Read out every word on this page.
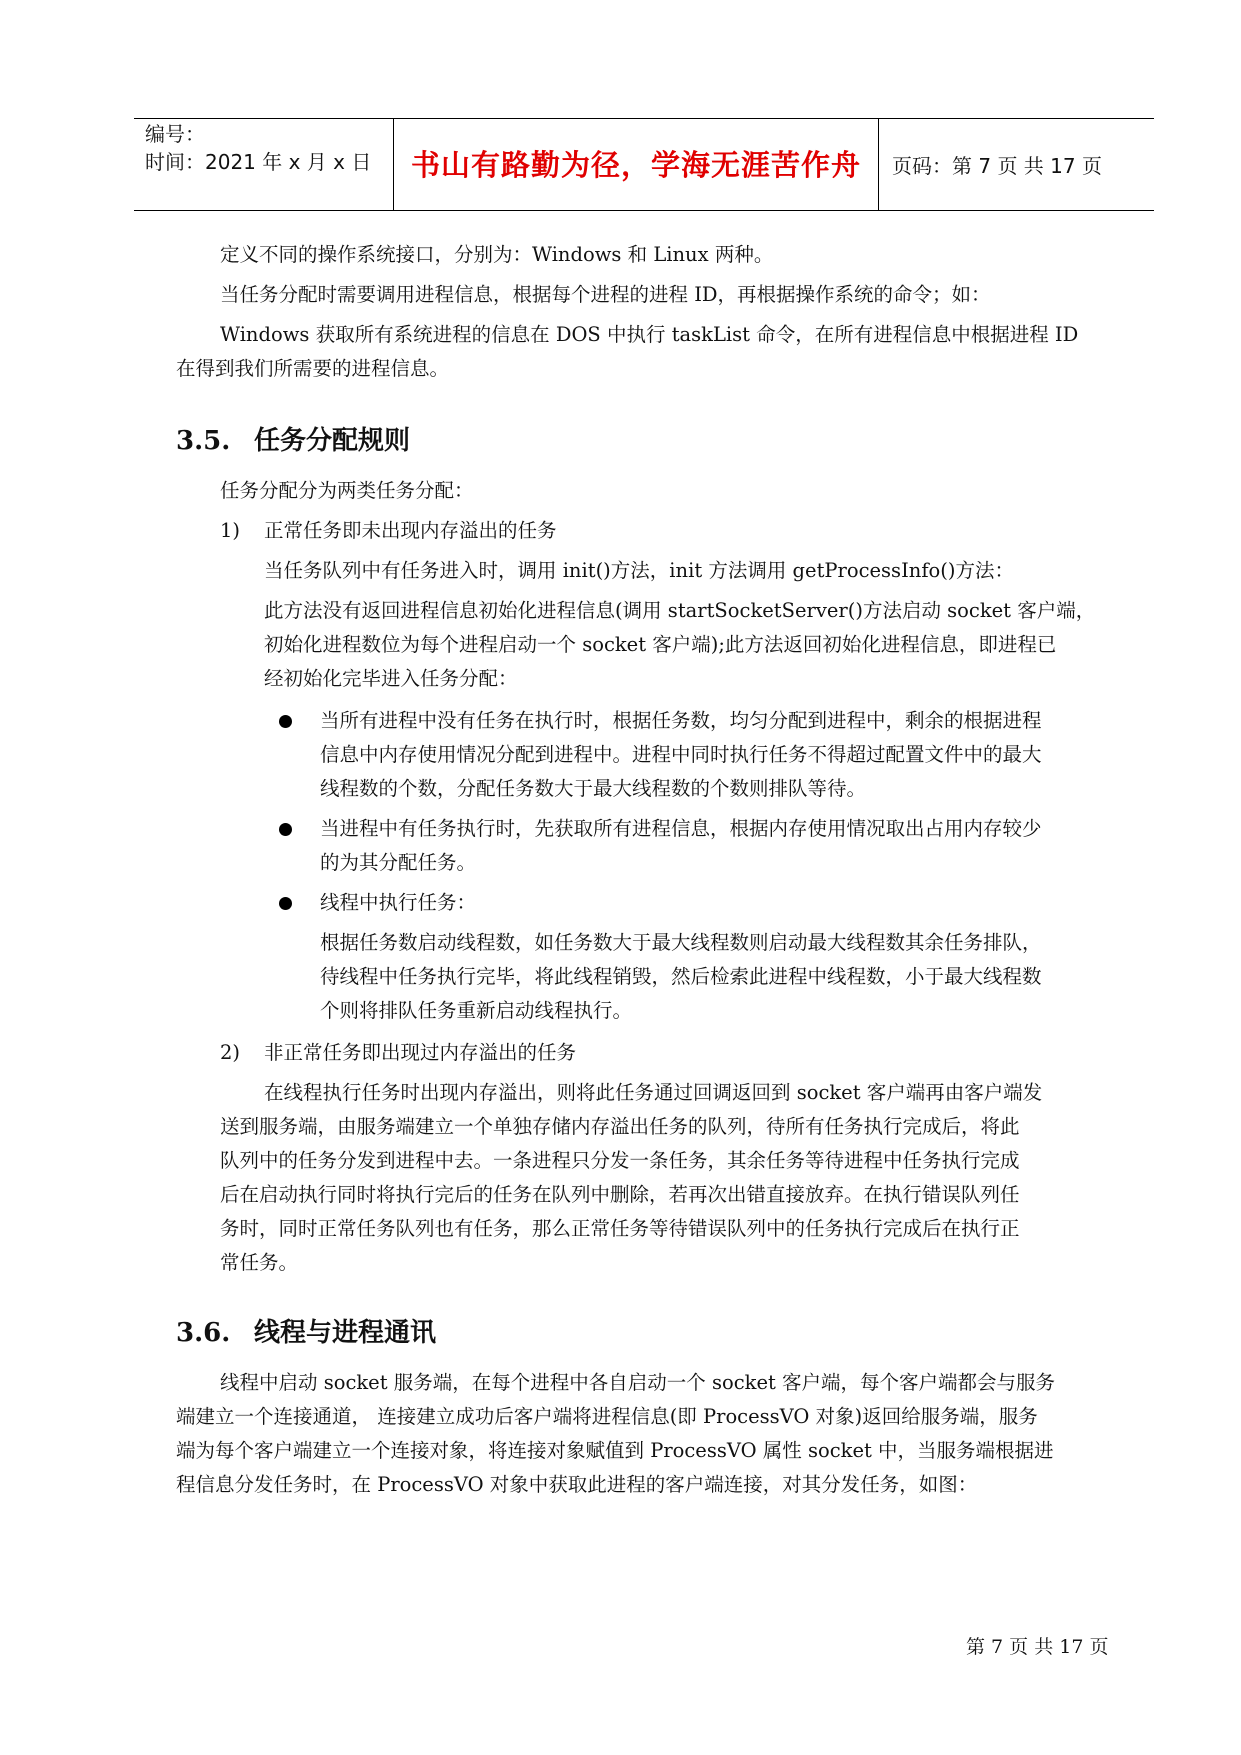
编号：
时间：2021 年 x 月 x 日	书山有路勤为径，学海无涯苦作舟	页码：第 7 页 共 17 页
定义不同的操作系统接口，分别为：Windows 和 Linux 两种。
当任务分配时需要调用进程信息，根据每个进程的进程 ID，再根据操作系统的命令；如：
Windows 获取所有系统进程的信息在 DOS 中执行 taskList 命令，在所有进程信息中根据进程 ID
在得到我们所需要的进程信息。
3.5. 任务分配规则
任务分配分为两类任务分配：
1) 正常任务即未出现内存溢出的任务
当任务队列中有任务进入时，调用 init()方法，init 方法调用 getProcessInfo()方法：
此方法没有返回进程信息初始化进程信息(调用 startSocketServer()方法启动 socket 客户端，
初始化进程数位为每个进程启动一个 socket 客户端);此方法返回初始化进程信息，即进程已
经初始化完毕进入任务分配：
当所有进程中没有任务在执行时，根据任务数，均匀分配到进程中，剩余的根据进程
信息中内存使用情况分配到进程中。进程中同时执行任务不得超过配置文件中的最大
线程数的个数，分配任务数大于最大线程数的个数则排队等待。
当进程中有任务执行时，先获取所有进程信息，根据内存使用情况取出占用内存较少
的为其分配任务。
线程中执行任务：
根据任务数启动线程数，如任务数大于最大线程数则启动最大线程数其余任务排队，
待线程中任务执行完毕，将此线程销毁，然后检索此进程中线程数，小于最大线程数
个则将排队任务重新启动线程执行。
2) 非正常任务即出现过内存溢出的任务
在线程执行任务时出现内存溢出，则将此任务通过回调返回到 socket 客户端再由客户端发
送到服务端，由服务端建立一个单独存储内存溢出任务的队列，待所有任务执行完成后，将此
队列中的任务分发到进程中去。一条进程只分发一条任务，其余任务等待进程中任务执行完成
后在启动执行同时将执行完后的任务在队列中删除，若再次出错直接放弃。在执行错误队列任
务时，同时正常任务队列也有任务，那么正常任务等待错误队列中的任务执行完成后在执行正
常任务。
3.6. 线程与进程通讯
线程中启动 socket 服务端，在每个进程中各自启动一个 socket 客户端，每个客户端都会与服务
端建立一个连接通道， 连接建立成功后客户端将进程信息(即 ProcessVO 对象)返回给服务端，服务
端为每个客户端建立一个连接对象，将连接对象赋值到 ProcessVO 属性 socket 中，当服务端根据进
程信息分发任务时，在 ProcessVO 对象中获取此进程的客户端连接，对其分发任务，如图：
第 7 页 共 17 页
